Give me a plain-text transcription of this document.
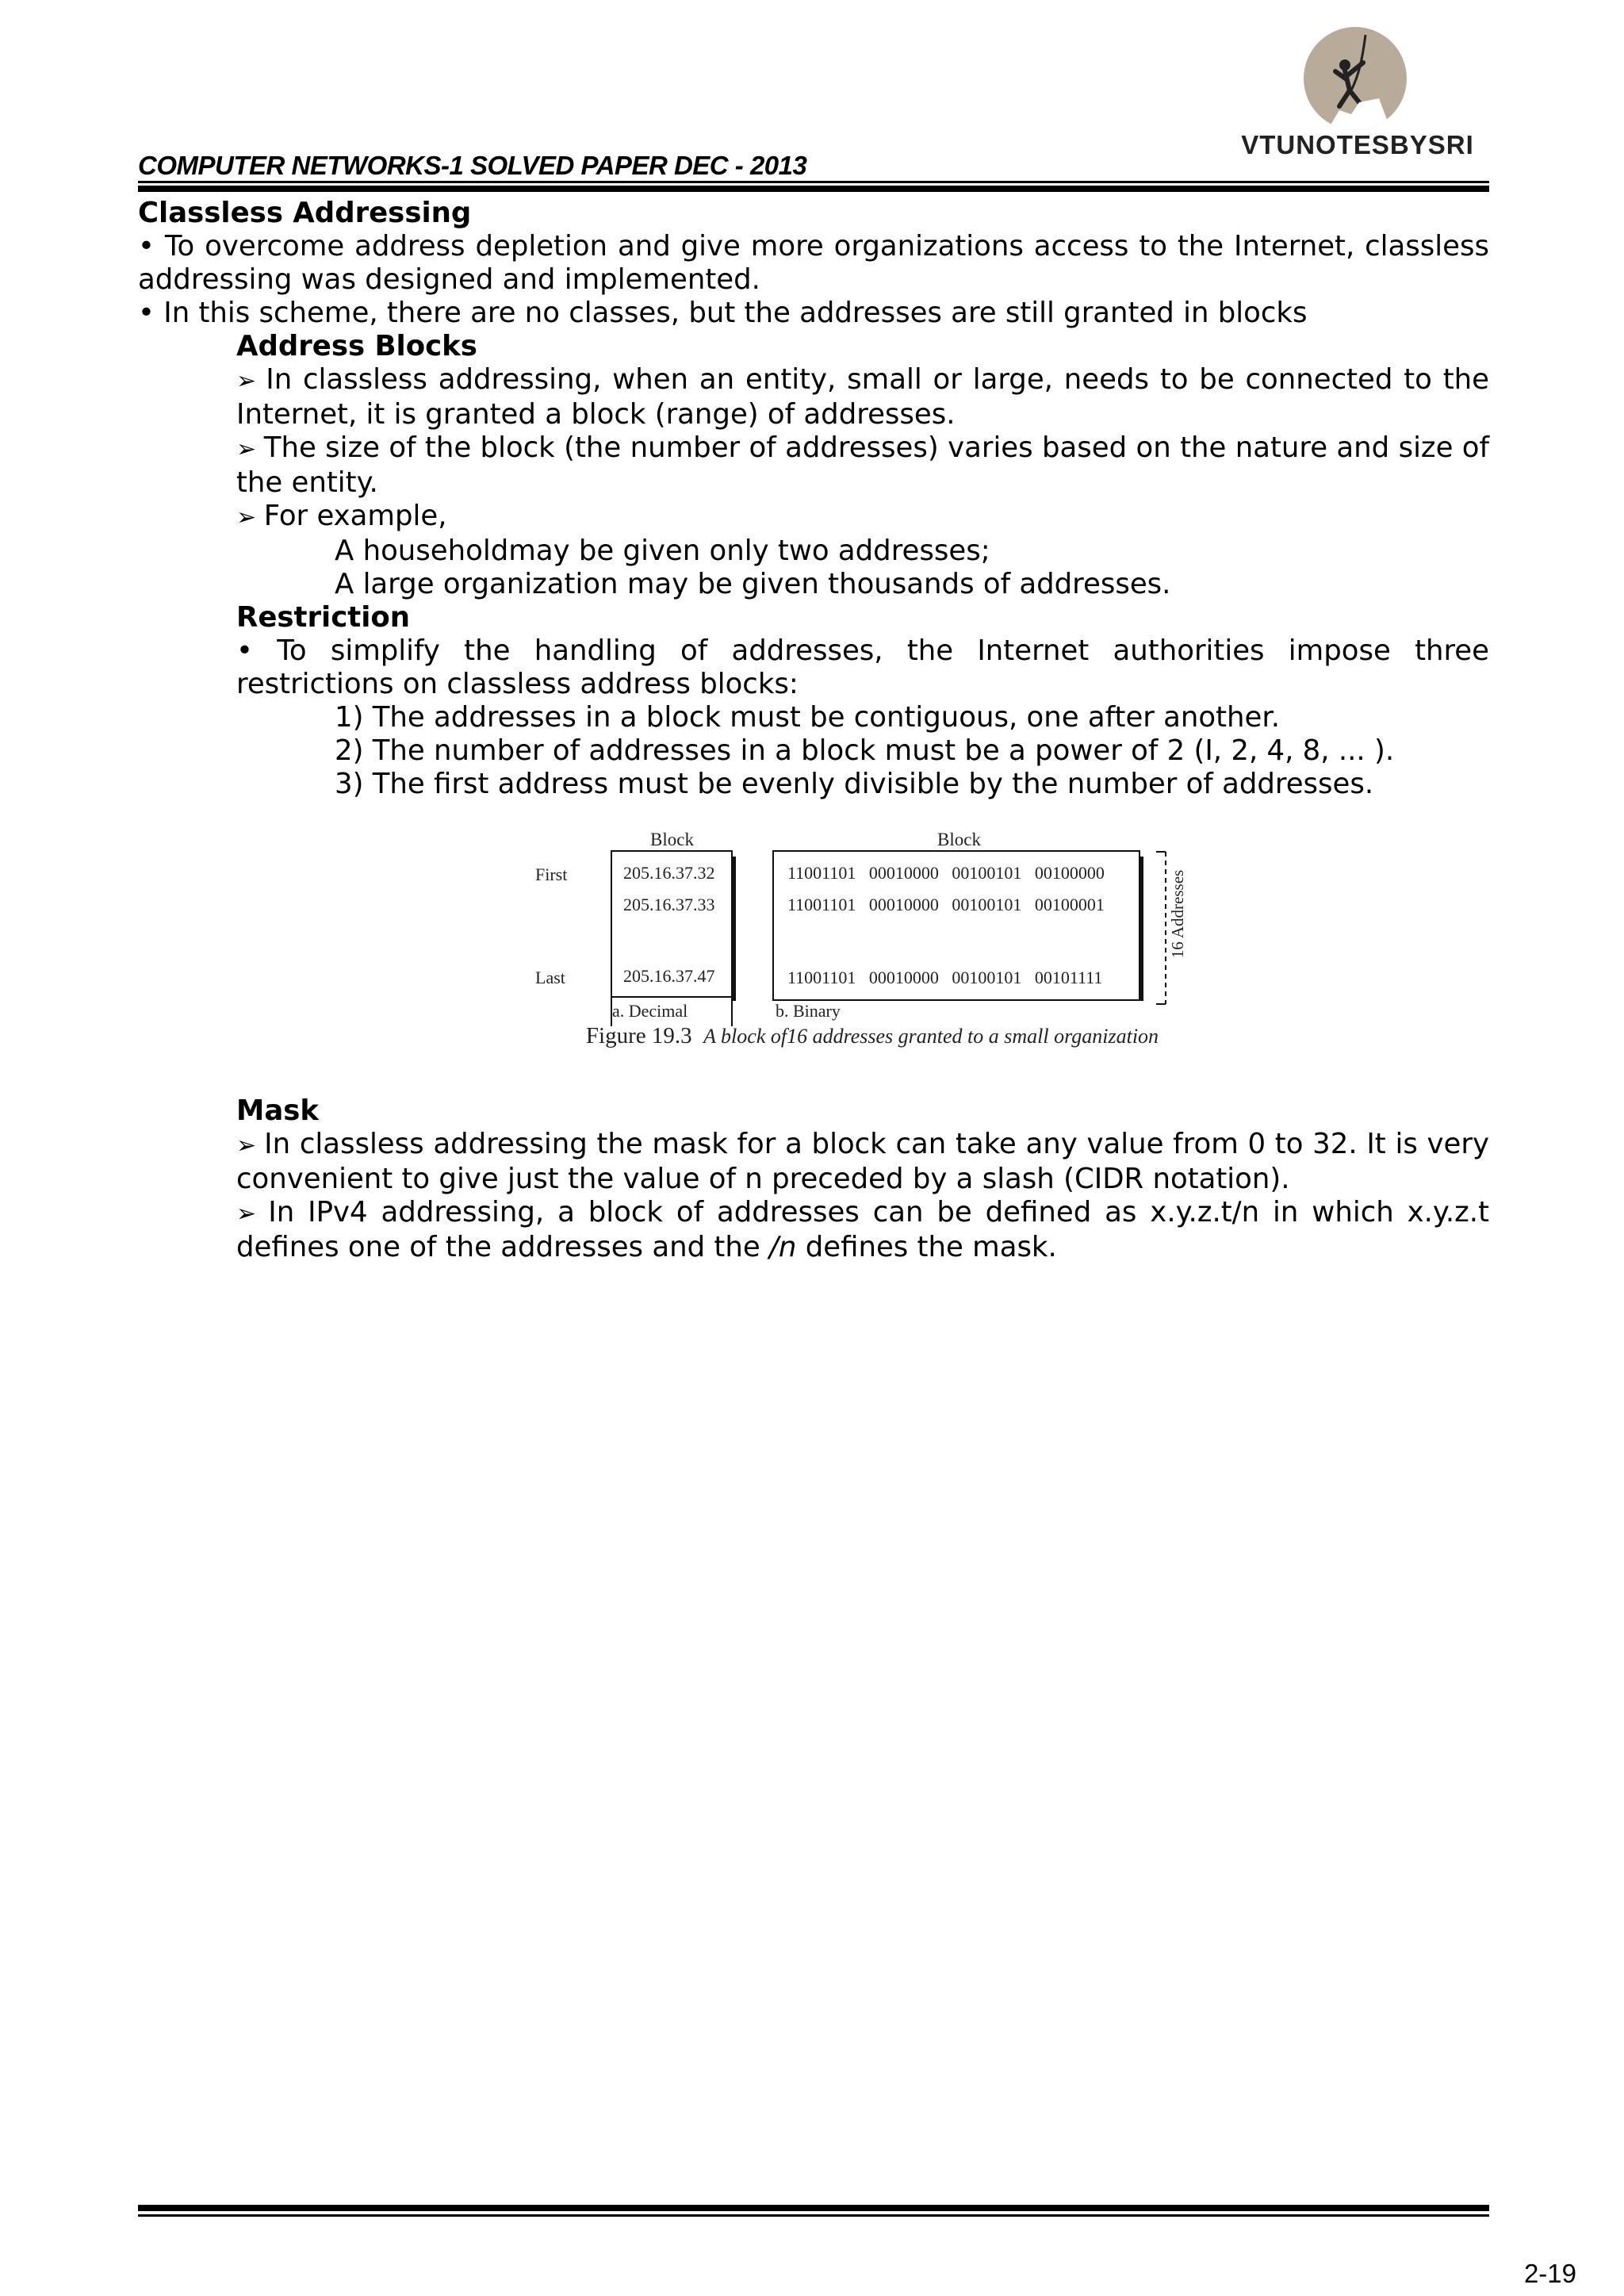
VTUNOTESBYSRI
COMPUTER NETWORKS-1 SOLVED PAPER DEC - 2013

Classless Addressing

• To overcome address depletion and give more organizations access to the Internet, classless addressing was designed and implemented.

• In this scheme, there are no classes, but the addresses are still granted in blocks

Address Blocks

➢ In classless addressing, when an entity, small or large, needs to be connected to the Internet, it is granted a block (range) of addresses.

➢ The size of the block (the number of addresses) varies based on the nature and size of the entity.

➢ For example,

A householdmay be given only two addresses;

A large organization may be given thousands of addresses.

Restriction

• To simplify the handling of addresses, the Internet authorities impose three restrictions on classless address blocks:

1) The addresses in a block must be contiguous, one after another.

2) The number of addresses in a block must be a power of 2 (I, 2, 4, 8, ... ).

3) The first address must be evenly divisible by the number of addresses.

Mask

➢ In classless addressing the mask for a block can take any value from 0 to 32. It is very convenient to give just the value of n preceded by a slash (CIDR notation).

➢ In IPv4 addressing, a block of addresses can be defined as x.y.z.t/n in which x.y.z.t defines one of the addresses and the /n defines the mask.

Block	Block
First
Last
205.16.37.32
205.16.37.33
205.16.37.47
11001101   00010000   00100101   00100000
11001101   00010000   00100101   00100001
11001101   00010000   00100101   00101111
16 Addresses
a. Decimal	b. Binary
Figure 19.3 A block of16 addresses granted to a small organization
2-19
